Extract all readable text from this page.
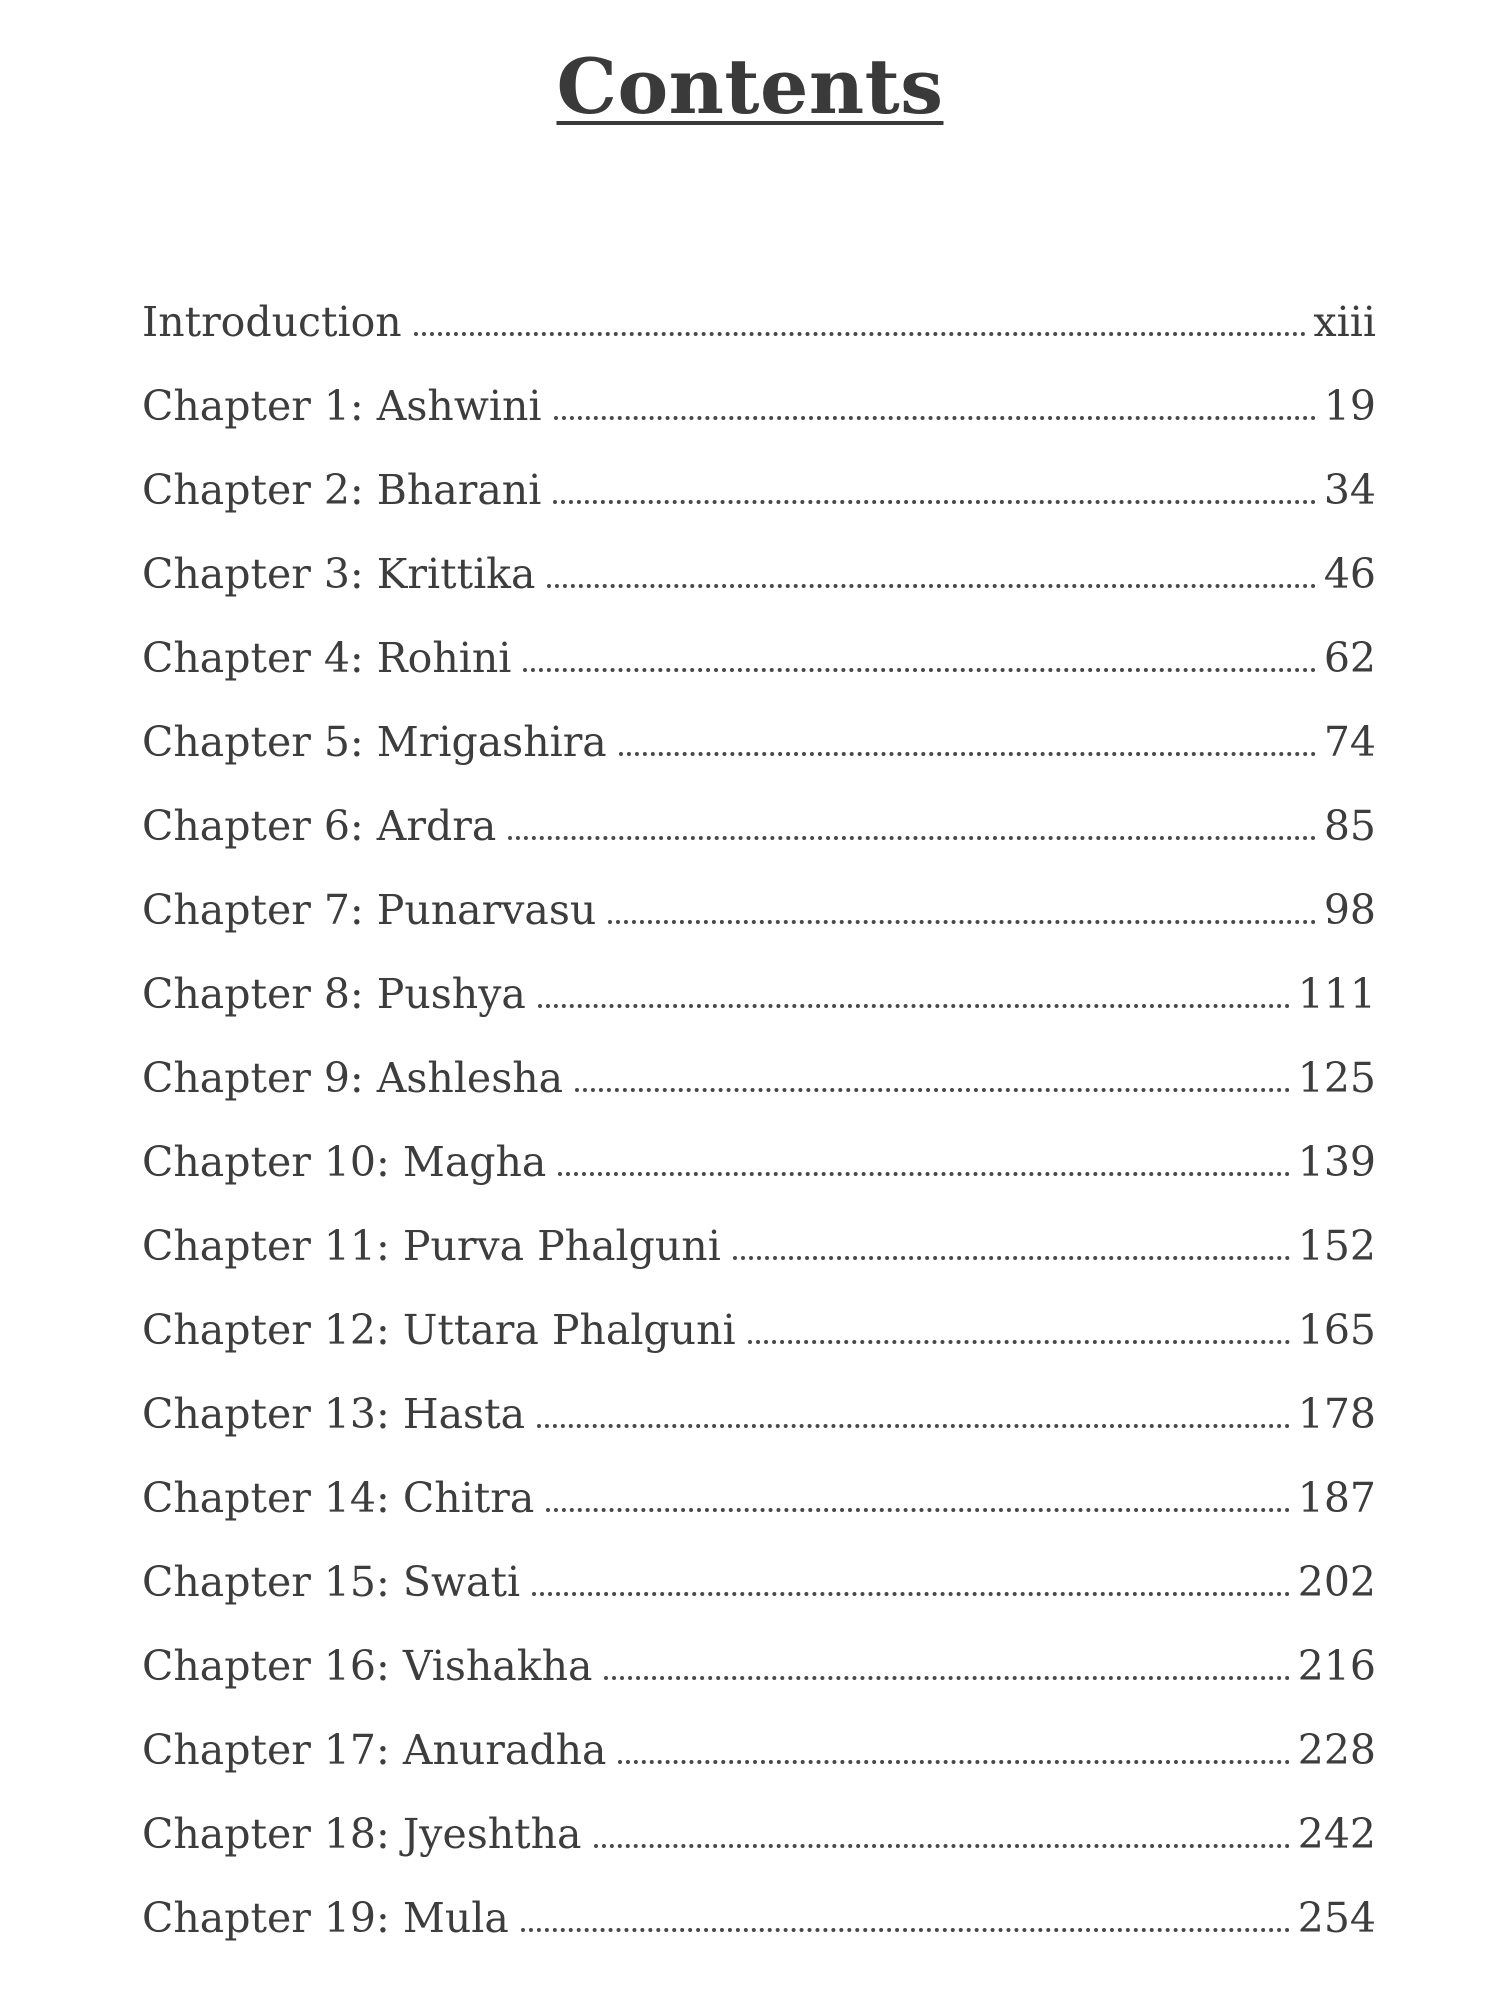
Contents
Introduction	xiii
Chapter 1: Ashwini	19
Chapter 2: Bharani	34
Chapter 3: Krittika	46
Chapter 4: Rohini	62
Chapter 5: Mrigashira	74
Chapter 6: Ardra	85
Chapter 7: Punarvasu	98
Chapter 8: Pushya	111
Chapter 9: Ashlesha	125
Chapter 10: Magha	139
Chapter 11: Purva Phalguni	152
Chapter 12: Uttara Phalguni	165
Chapter 13: Hasta	178
Chapter 14: Chitra	187
Chapter 15: Swati	202
Chapter 16: Vishakha	216
Chapter 17: Anuradha	228
Chapter 18: Jyeshtha	242
Chapter 19: Mula	254
